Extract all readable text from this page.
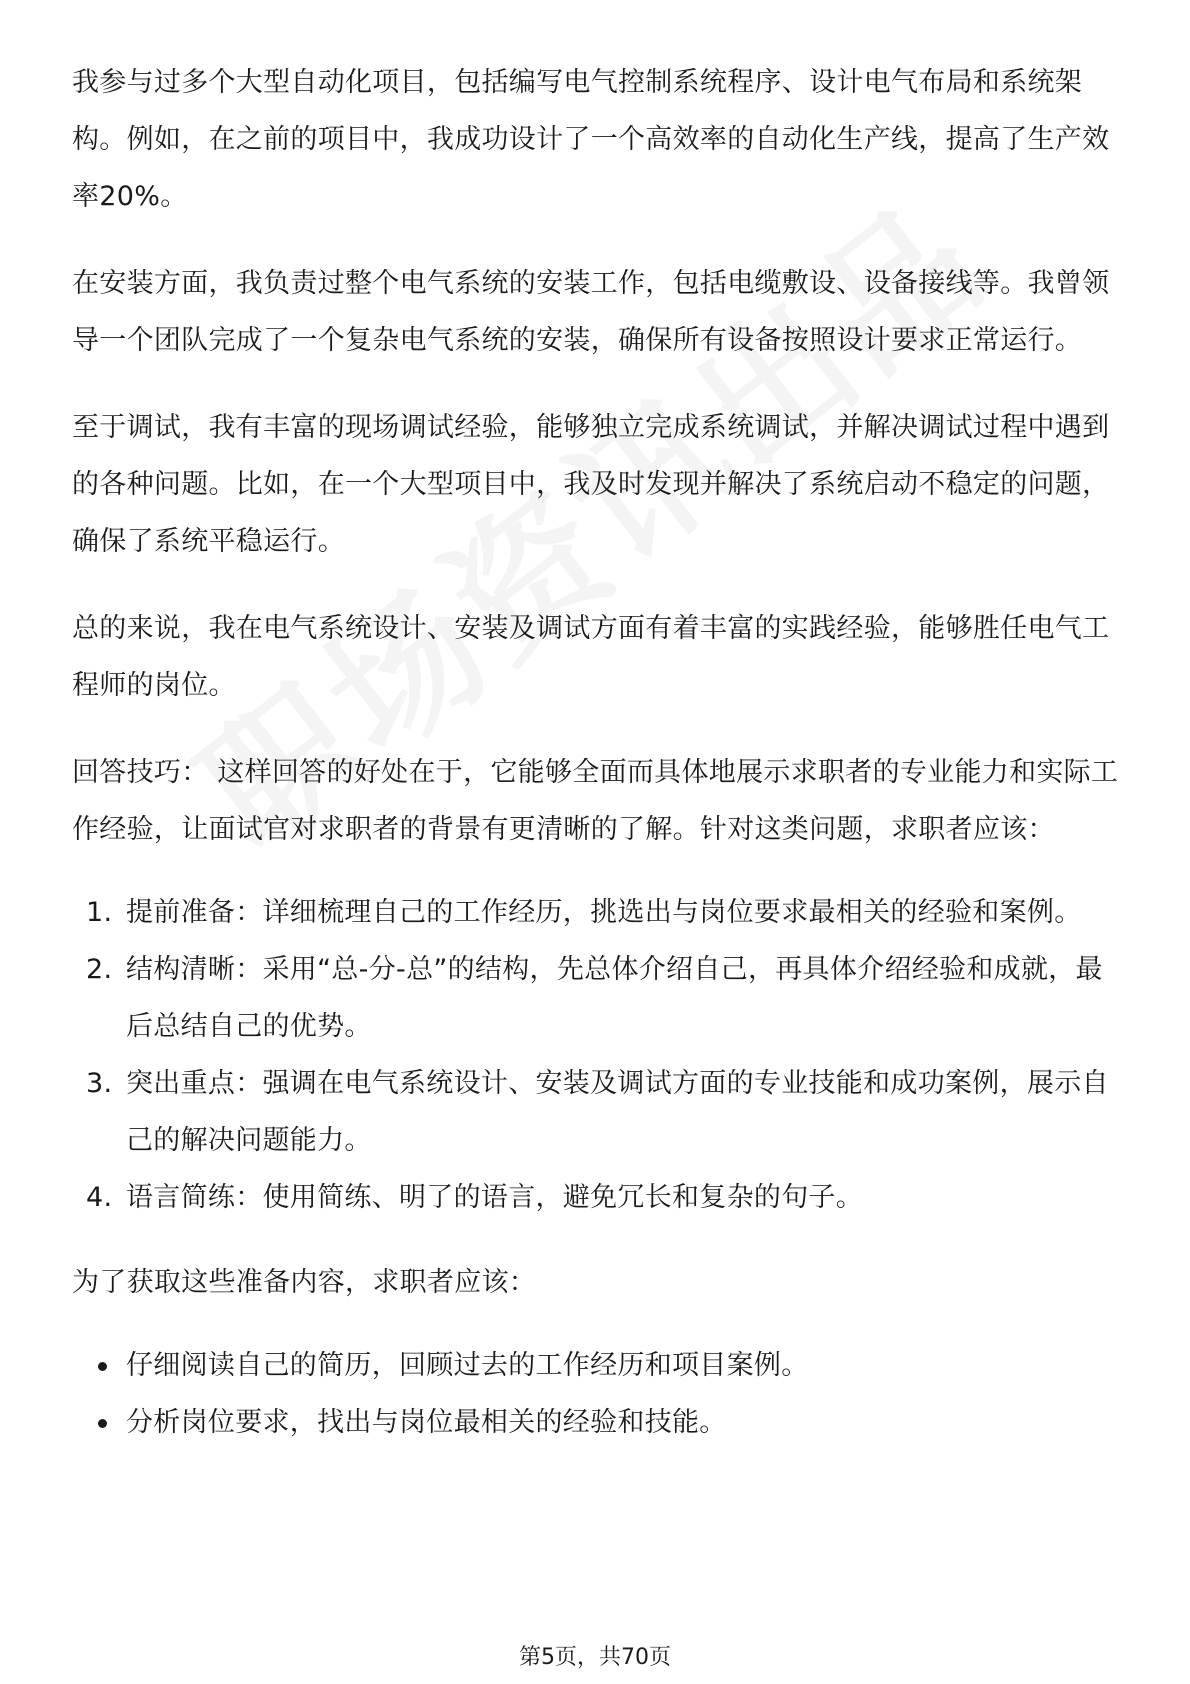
我参与过多个大型自动化项目，包括编写电气控制系统程序、设计电气布局和系统架构。例如，在之前的项目中，我成功设计了一个高效率的自动化生产线，提高了生产效率20%。

在安装方面，我负责过整个电气系统的安装工作，包括电缆敷设、设备接线等。我曾领导一个团队完成了一个复杂电气系统的安装，确保所有设备按照设计要求正常运行。

至于调试，我有丰富的现场调试经验，能够独立完成系统调试，并解决调试过程中遇到的各种问题。比如，在一个大型项目中，我及时发现并解决了系统启动不稳定的问题，确保了系统平稳运行。

总的来说，我在电气系统设计、安装及调试方面有着丰富的实践经验，能够胜任电气工程师的岗位。

回答技巧： 这样回答的好处在于，它能够全面而具体地展示求职者的专业能力和实际工作经验，让面试官对求职者的背景有更清晰的了解。针对这类问题，求职者应该：

1. 提前准备：详细梳理自己的工作经历，挑选出与岗位要求最相关的经验和案例。
2. 结构清晰：采用“总-分-总”的结构，先总体介绍自己，再具体介绍经验和成就，最后总结自己的优势。
3. 突出重点：强调在电气系统设计、安装及调试方面的专业技能和成功案例，展示自己的解决问题能力。
4. 语言简练：使用简练、明了的语言，避免冗长和复杂的句子。

为了获取这些准备内容，求职者应该：

仔细阅读自己的简历，回顾过去的工作经历和项目案例。
分析岗位要求，找出与岗位最相关的经验和技能。
第5页，共70页
